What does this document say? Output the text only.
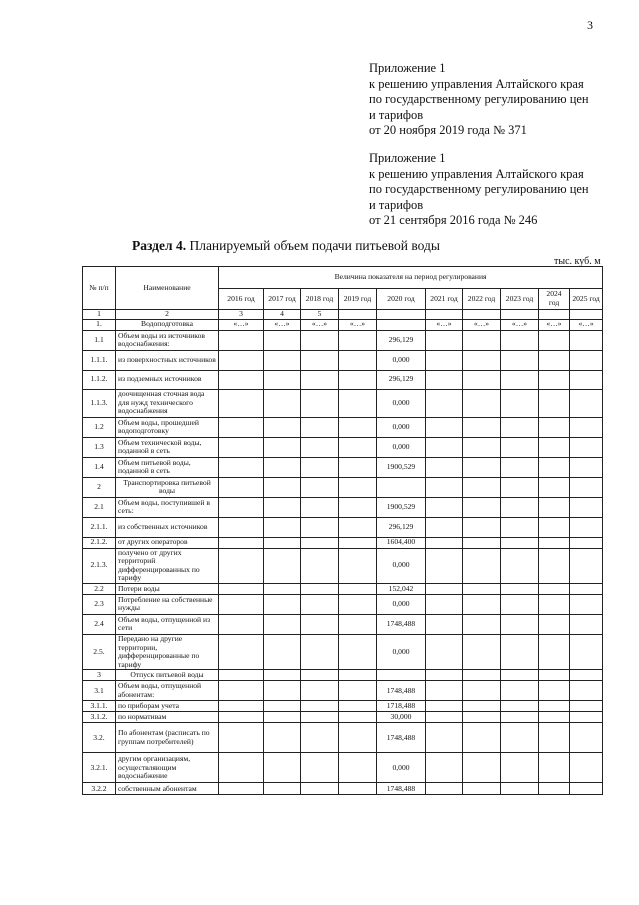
3
Приложение 1
к решению управления Алтайского края
по государственному регулированию цен
и тарифов
от 20 ноября 2019 года № 371
Приложение 1
к решению управления Алтайского края
по государственному регулированию цен
и тарифов
от 21 сентября 2016 года № 246
Раздел 4. Планируемый объем подачи питьевой воды
тыс. куб. м
№ п/п	Наименование	Величина показателя на период регулирования									
		2016 год	2017 год	2018 год	2019 год	2020 год	2021 год	2022 год	2023 год	2024 год	2025 год
1	2	3	4	5							
1.	Водоподготовка	«…»	«…»	«…»	«…»		«…»	«…»	«…»	«…»	«…»
1.1	Объем воды из источников водоснабжения:					296,129					
1.1.1.	из поверхностных источников					0,000					
1.1.2.	из подземных источников					296,129					
1.1.3.	доочищенная сточная вода для нужд технического водоснабжения					0,000					
1.2	Объем воды, прошедшей водоподготовку					0,000					
1.3	Объем технической воды, поданной в сеть					0,000					
1.4	Объем питьевой воды, поданной в сеть					1900,529					
2	Транспортировка питьевой воды										
2.1	Объем воды, поступившей в сеть:					1900,529					
2.1.1.	из собственных источников					296,129					
2.1.2.	от других операторов					1604,400					
2.1.3.	получено от других территорий дифференцированных по тарифу					0,000					
2.2	Потери воды					152,042					
2.3	Потребление на собственные нужды					0,000					
2.4	Объем воды, отпущенной из сети					1748,488					
2.5.	Передано на другие территории, дифференцированные по тарифу					0,000					
3	Отпуск питьевой воды										
3.1	Объем воды, отпущенной абонентам:					1748,488					
3.1.1.	по приборам учета					1718,488					
3.1.2.	по нормативам					30,000					
3.2.	По абонентам (расписать по группам потребителей)					1748,488					
3.2.1.	другим организациям, осуществляющим водоснабжение					0,000					
3.2.2	собственным абонентам					1748,488					
